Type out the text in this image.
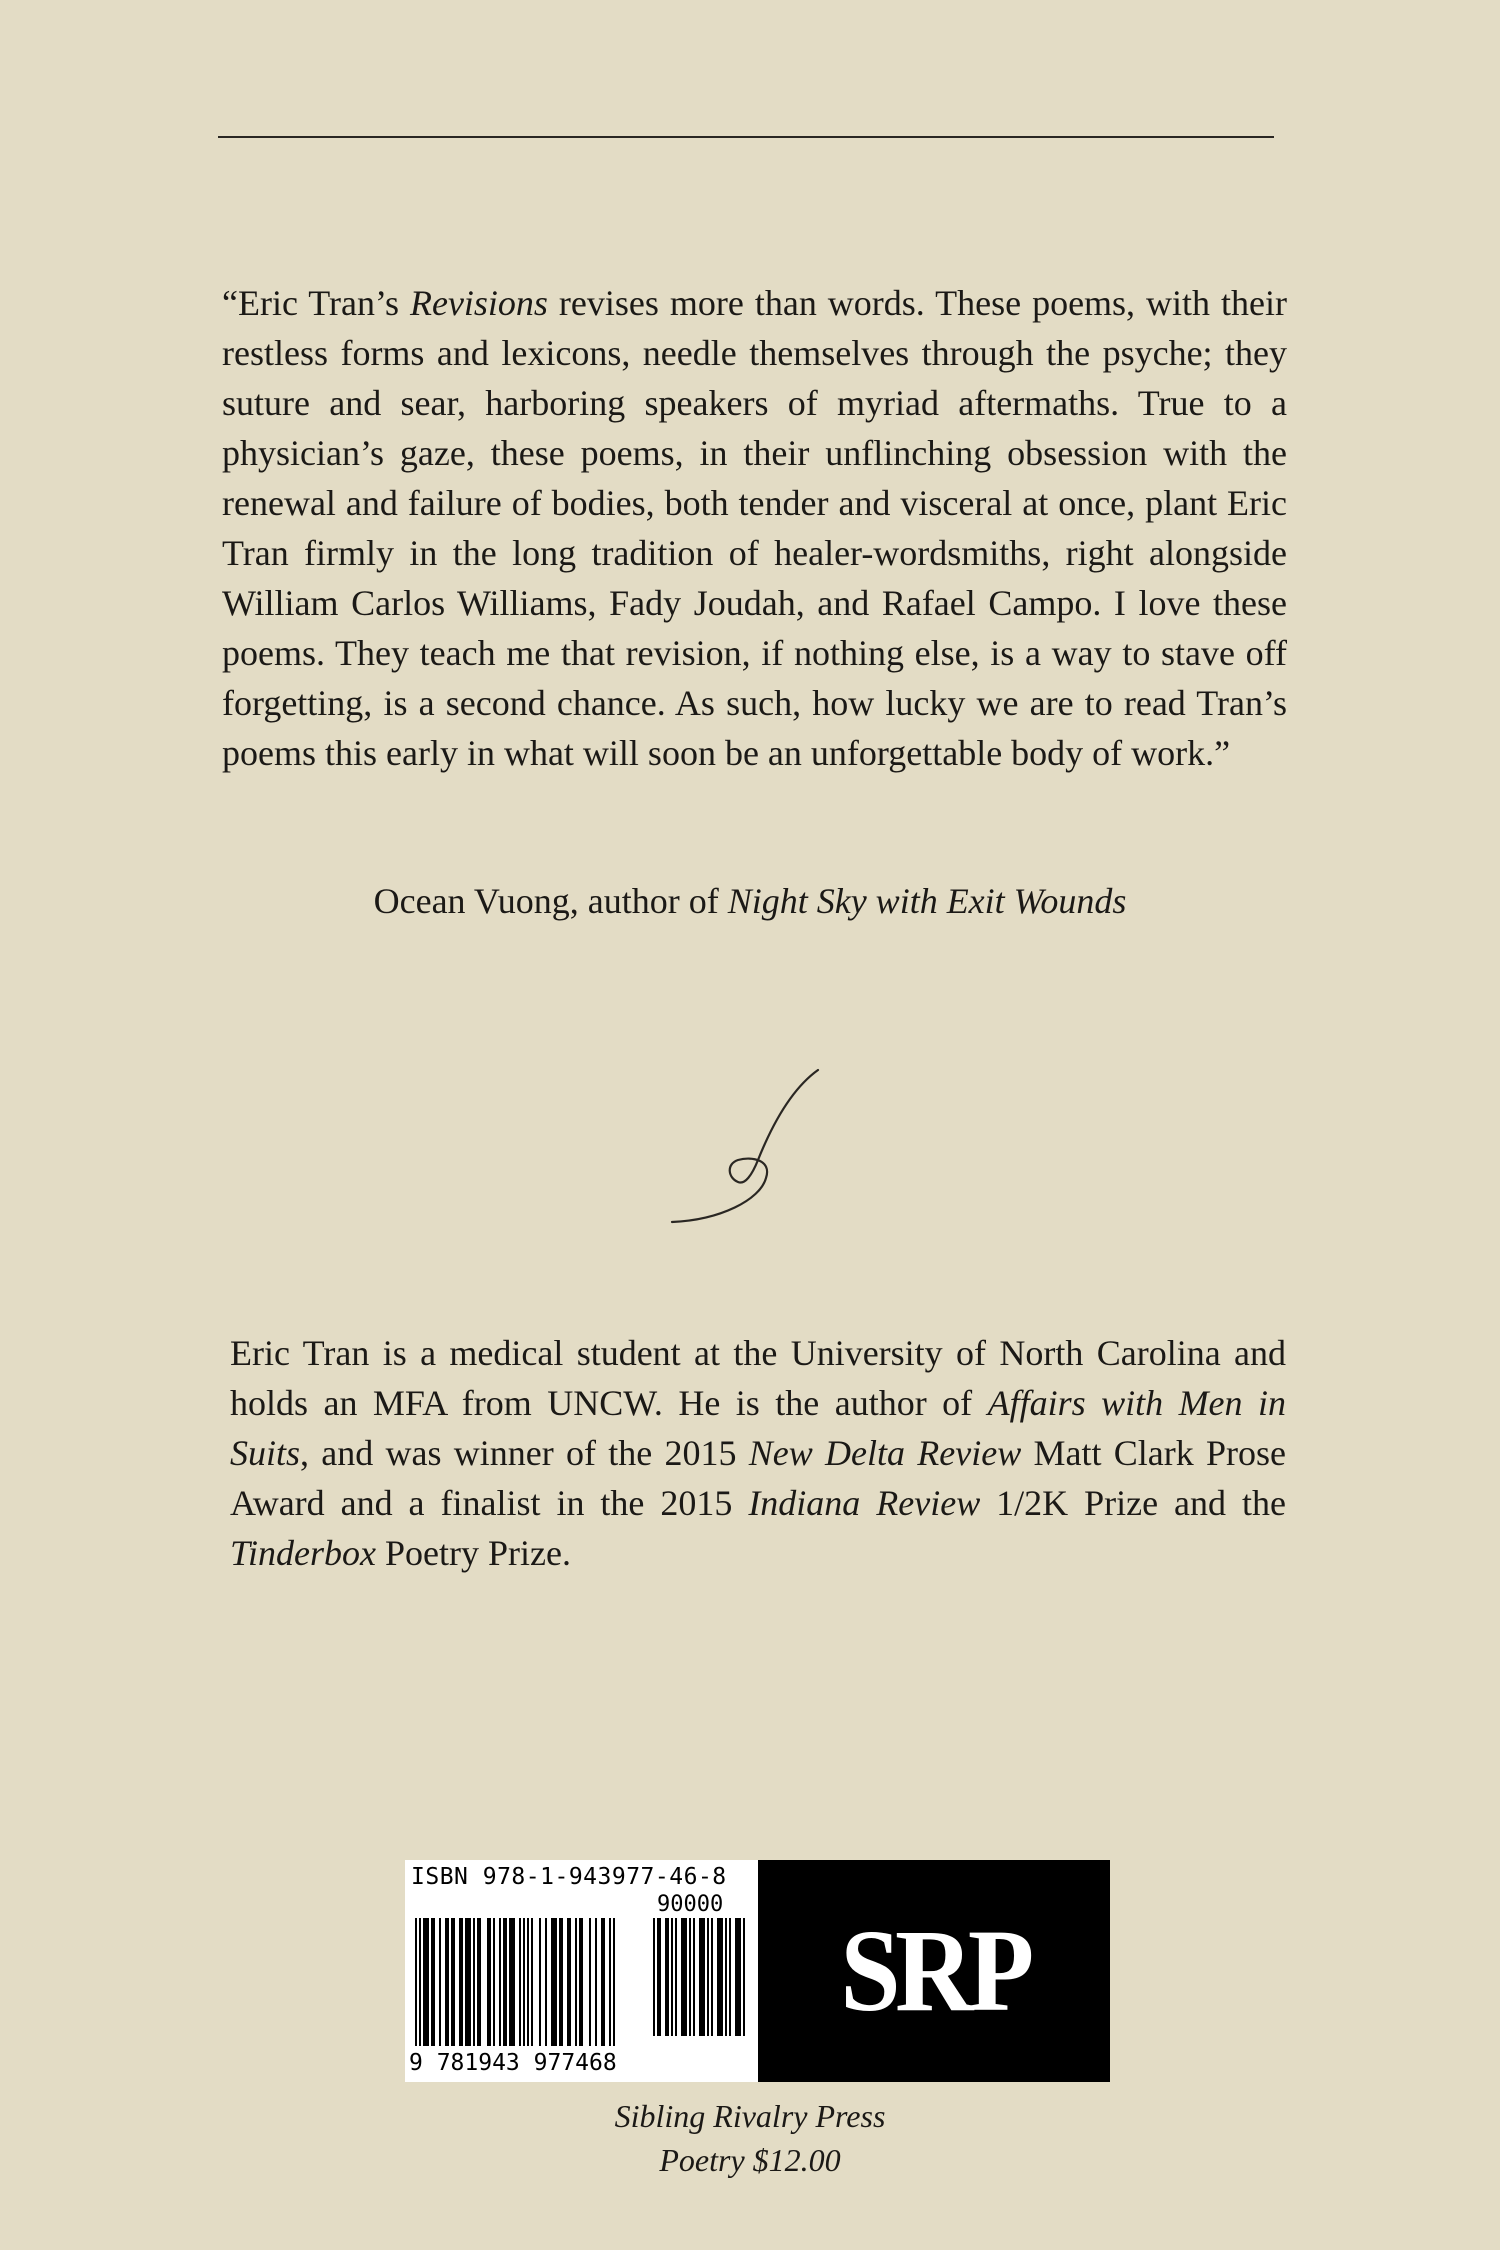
“Eric Tran’s Revisions revises more than words. These poems, with their restless forms and lexicons, needle themselves through the psyche; they suture and sear, harboring speakers of myriad aftermaths. True to a physician’s gaze, these poems, in their unflinching obsession with the renewal and failure of bodies, both tender and visceral at once, plant Eric Tran firmly in the long tradition of healer-wordsmiths, right alongside William Carlos Williams, Fady Joudah, and Rafael Campo. I love these poems. They teach me that revision, if nothing else, is a way to stave off forgetting, is a second chance. As such, how lucky we are to read Tran’s poems this early in what will soon be an unforgettable body of work.”

Ocean Vuong, author of Night Sky with Exit Wounds

Eric Tran is a medical student at the University of North Carolina and holds an MFA from UNCW. He is the author of Affairs with Men in Suits, and was winner of the 2015 New Delta Review Matt Clark Prose Award and a finalist in the 2015 Indiana Review 1/2K Prize and the Tinderbox Poetry Prize.

ISBN 978-1-943977-46-8
90000
9 781943 977468
SRP

Sibling Rivalry Press

Poetry $12.00
